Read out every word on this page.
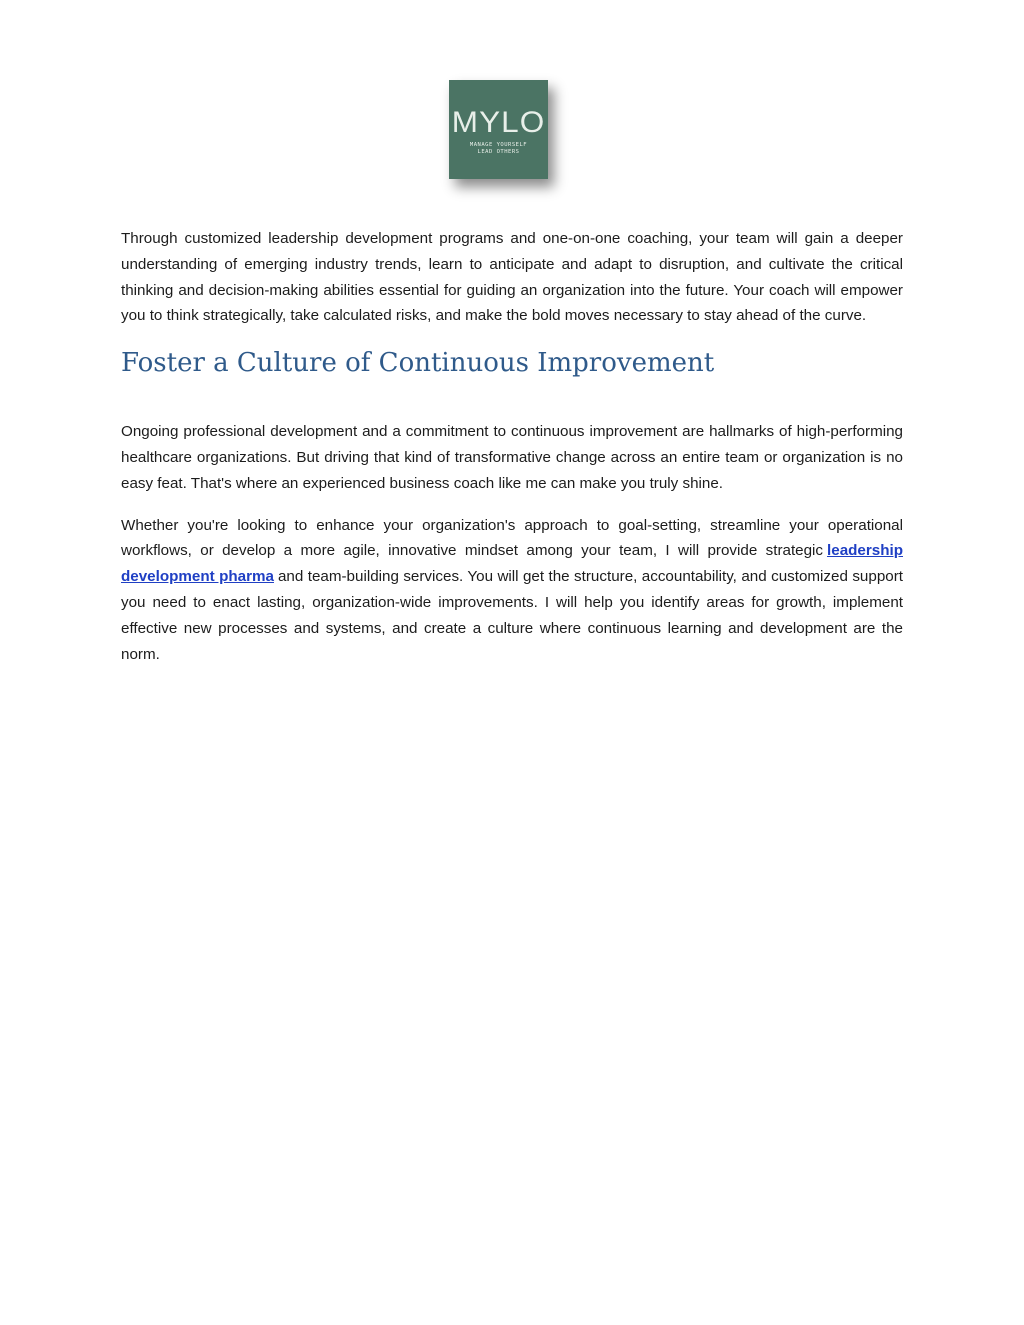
MYLO
MANAGE YOURSELF
LEAD OTHERS

Through customized leadership development programs and one-on-one coaching, your team will gain a deeper understanding of emerging industry trends, learn to anticipate and adapt to disruption, and cultivate the critical thinking and decision-making abilities essential for guiding an organization into the future. Your coach will empower you to think strategically, take calculated risks, and make the bold moves necessary to stay ahead of the curve.

Foster a Culture of Continuous Improvement

Ongoing professional development and a commitment to continuous improvement are hallmarks of high-performing healthcare organizations. But driving that kind of transformative change across an entire team or organization is no easy feat. That's where an experienced business coach like me can make you truly shine.

Whether you're looking to enhance your organization's approach to goal-setting, streamline your operational workflows, or develop a more agile, innovative mindset among your team, I will provide strategic leadership development pharma and team-building services. You will get the structure, accountability, and customized support you need to enact lasting, organization-wide improvements. I will help you identify areas for growth, implement effective new processes and systems, and create a culture where continuous learning and development are the norm.
